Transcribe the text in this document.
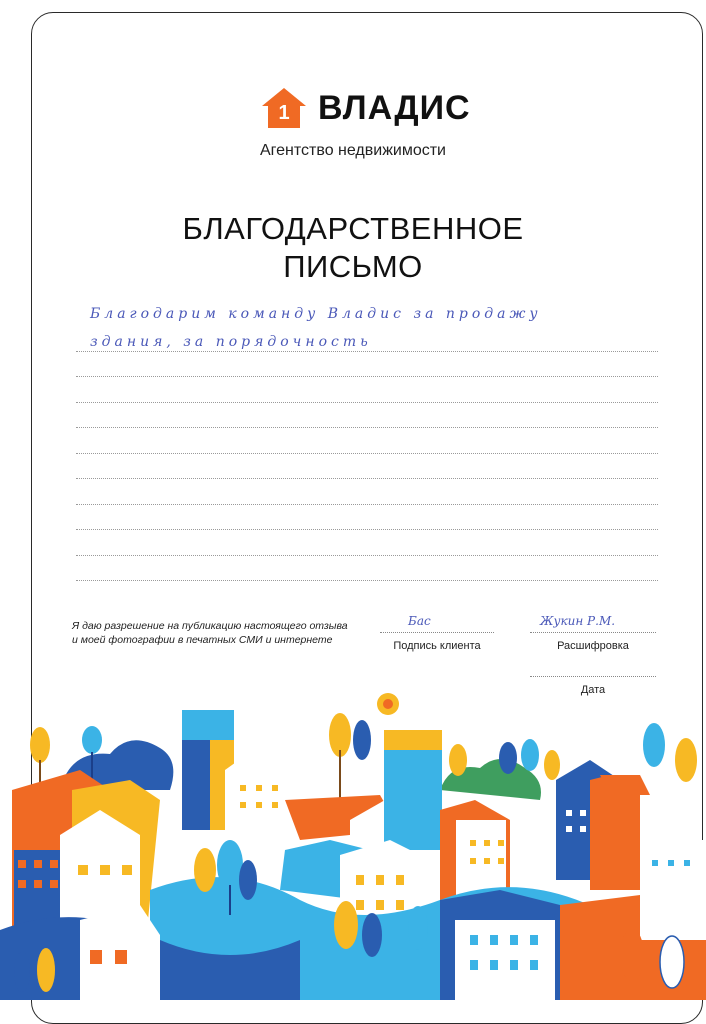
1 ВЛАДИС
Агентство недвижимости
БЛАГОДАРСТВЕННОЕ
ПИСЬМО
Благодарим команду Владис за продажу
здания, за порядочность
Я даю разрешение на публикацию настоящего отзыва
и моей фотографии в печатных СМИ и интернете
Бас
Подпись клиента
Жукин Р.М.
Расшифровка
Дата
